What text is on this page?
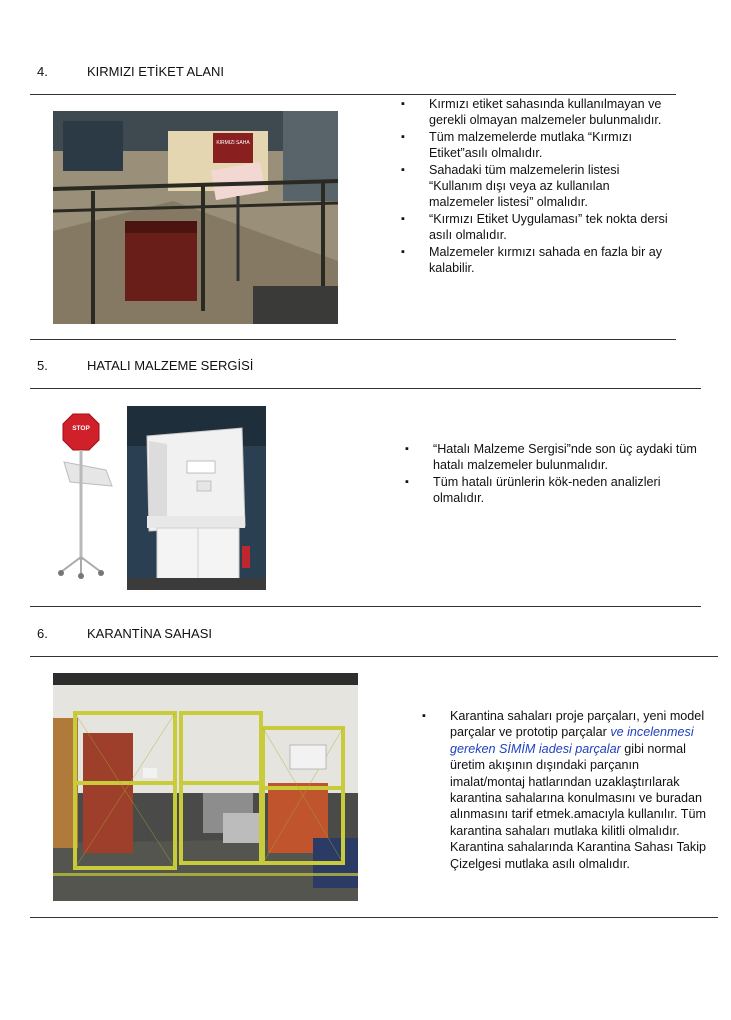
4.	KIRMIZI ETİKET ALANI
KIRMIZI SAHA
▪ Kırmızı etiket sahasında kullanılmayan ve gerekli olmayan malzemeler bulunmalıdır.
▪ Tüm malzemelerde mutlaka “Kırmızı Etiket”asılı olmalıdır.
▪ Sahadaki tüm malzemelerin listesi “Kullanım dışı veya az kullanılan malzemeler listesi” olmalıdır.
▪ “Kırmızı Etiket Uygulaması” tek nokta dersi asılı olmalıdır.
▪ Malzemeler kırmızı sahada en fazla bir ay kalabilir.
5.	HATALI MALZEME SERGİSİ
STOP
▪ “Hatalı Malzeme Sergisi”nde son üç aydaki tüm hatalı malzemeler bulunmalıdır.
▪ Tüm hatalı ürünlerin kök-neden analizleri olmalıdır.
6.	KARANTİNA SAHASI
▪ Karantina sahaları proje parçaları, yeni model parçalar ve prototip parçalar ve incelenmesi gereken SİMİM iadesi parçalar gibi normal üretim akışının dışındaki parçanın imalat/montaj hatlarından uzaklaştırılarak karantina sahalarına konulmasını ve buradan alınmasını tarif etmek.amacıyla kullanılır. Tüm karantina sahaları mutlaka kilitli olmalıdır. Karantina sahalarında Karantina Sahası Takip Çizelgesi mutlaka asılı olmalıdır.
